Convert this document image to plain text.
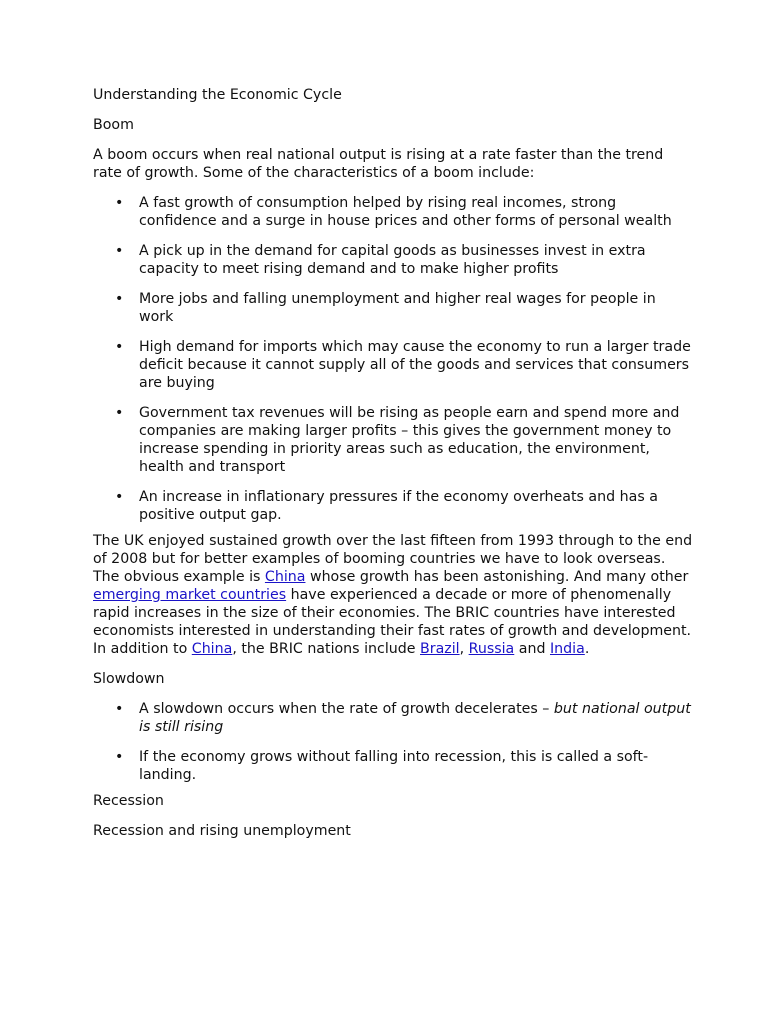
Understanding the Economic Cycle

Boom

A boom occurs when real national output is rising at a rate faster than the trend rate of growth. Some of the characteristics of a boom include:

• A fast growth of consumption helped by rising real incomes, strong confidence and a surge in house prices and other forms of personal wealth
• A pick up in the demand for capital goods as businesses invest in extra capacity to meet rising demand and to make higher profits
• More jobs and falling unemployment and higher real wages for people in work
• High demand for imports which may cause the economy to run a larger trade deficit because it cannot supply all of the goods and services that consumers are buying
• Government tax revenues will be rising as people earn and spend more and companies are making larger profits – this gives the government money to increase spending in priority areas such as education, the environment, health and transport
• An increase in inflationary pressures if the economy overheats and has a positive output gap.

The UK enjoyed sustained growth over the last fifteen from 1993 through to the end of 2008 but for better examples of booming countries we have to look overseas. The obvious example is China whose growth has been astonishing. And many other emerging market countries have experienced a decade or more of phenomenally rapid increases in the size of their economies. The BRIC countries have interested economists interested in understanding their fast rates of growth and development. In addition to China, the BRIC nations include Brazil, Russia and India.

Slowdown

• A slowdown occurs when the rate of growth decelerates – but national output is still rising
• If the economy grows without falling into recession, this is called a soft-landing.

Recession

Recession and rising unemployment
